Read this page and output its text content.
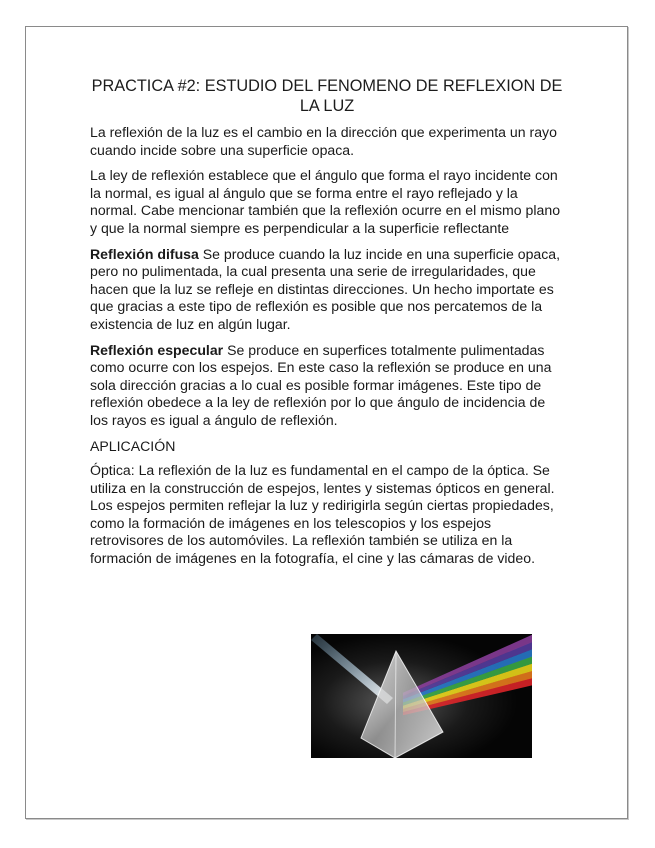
PRACTICA #2: ESTUDIO DEL FENOMENO DE REFLEXION DE LA LUZ

La reflexión de la luz es el cambio en la dirección que experimenta un rayo cuando incide sobre una superficie opaca.

La ley de reflexión establece que el ángulo que forma el rayo incidente con la normal, es igual al ángulo que se forma entre el rayo reflejado y la normal. Cabe mencionar también que la reflexión ocurre en el mismo plano y que la normal siempre es perpendicular a la superficie reflectante

Reflexión difusa Se produce cuando la luz incide en una superficie opaca, pero no pulimentada, la cual presenta una serie de irregularidades, que hacen que la luz se refleje en distintas direcciones. Un hecho importate es que gracias a este tipo de reflexión es posible que nos percatemos de la existencia de luz en algún lugar.

Reflexión especular Se produce en superfices totalmente pulimentadas como ocurre con los espejos. En este caso la reflexión se produce en una sola dirección gracias a lo cual es posible formar imágenes. Este tipo de reflexión obedece a la ley de reflexión por lo que ángulo de incidencia de los rayos es igual a ángulo de reflexión.

APLICACIÓN

Óptica: La reflexión de la luz es fundamental en el campo de la óptica. Se utiliza en la construcción de espejos, lentes y sistemas ópticos en general. Los espejos permiten reflejar la luz y redirigirla según ciertas propiedades, como la formación de imágenes en los telescopios y los espejos retrovisores de los automóviles. La reflexión también se utiliza en la formación de imágenes en la fotografía, el cine y las cámaras de video.
